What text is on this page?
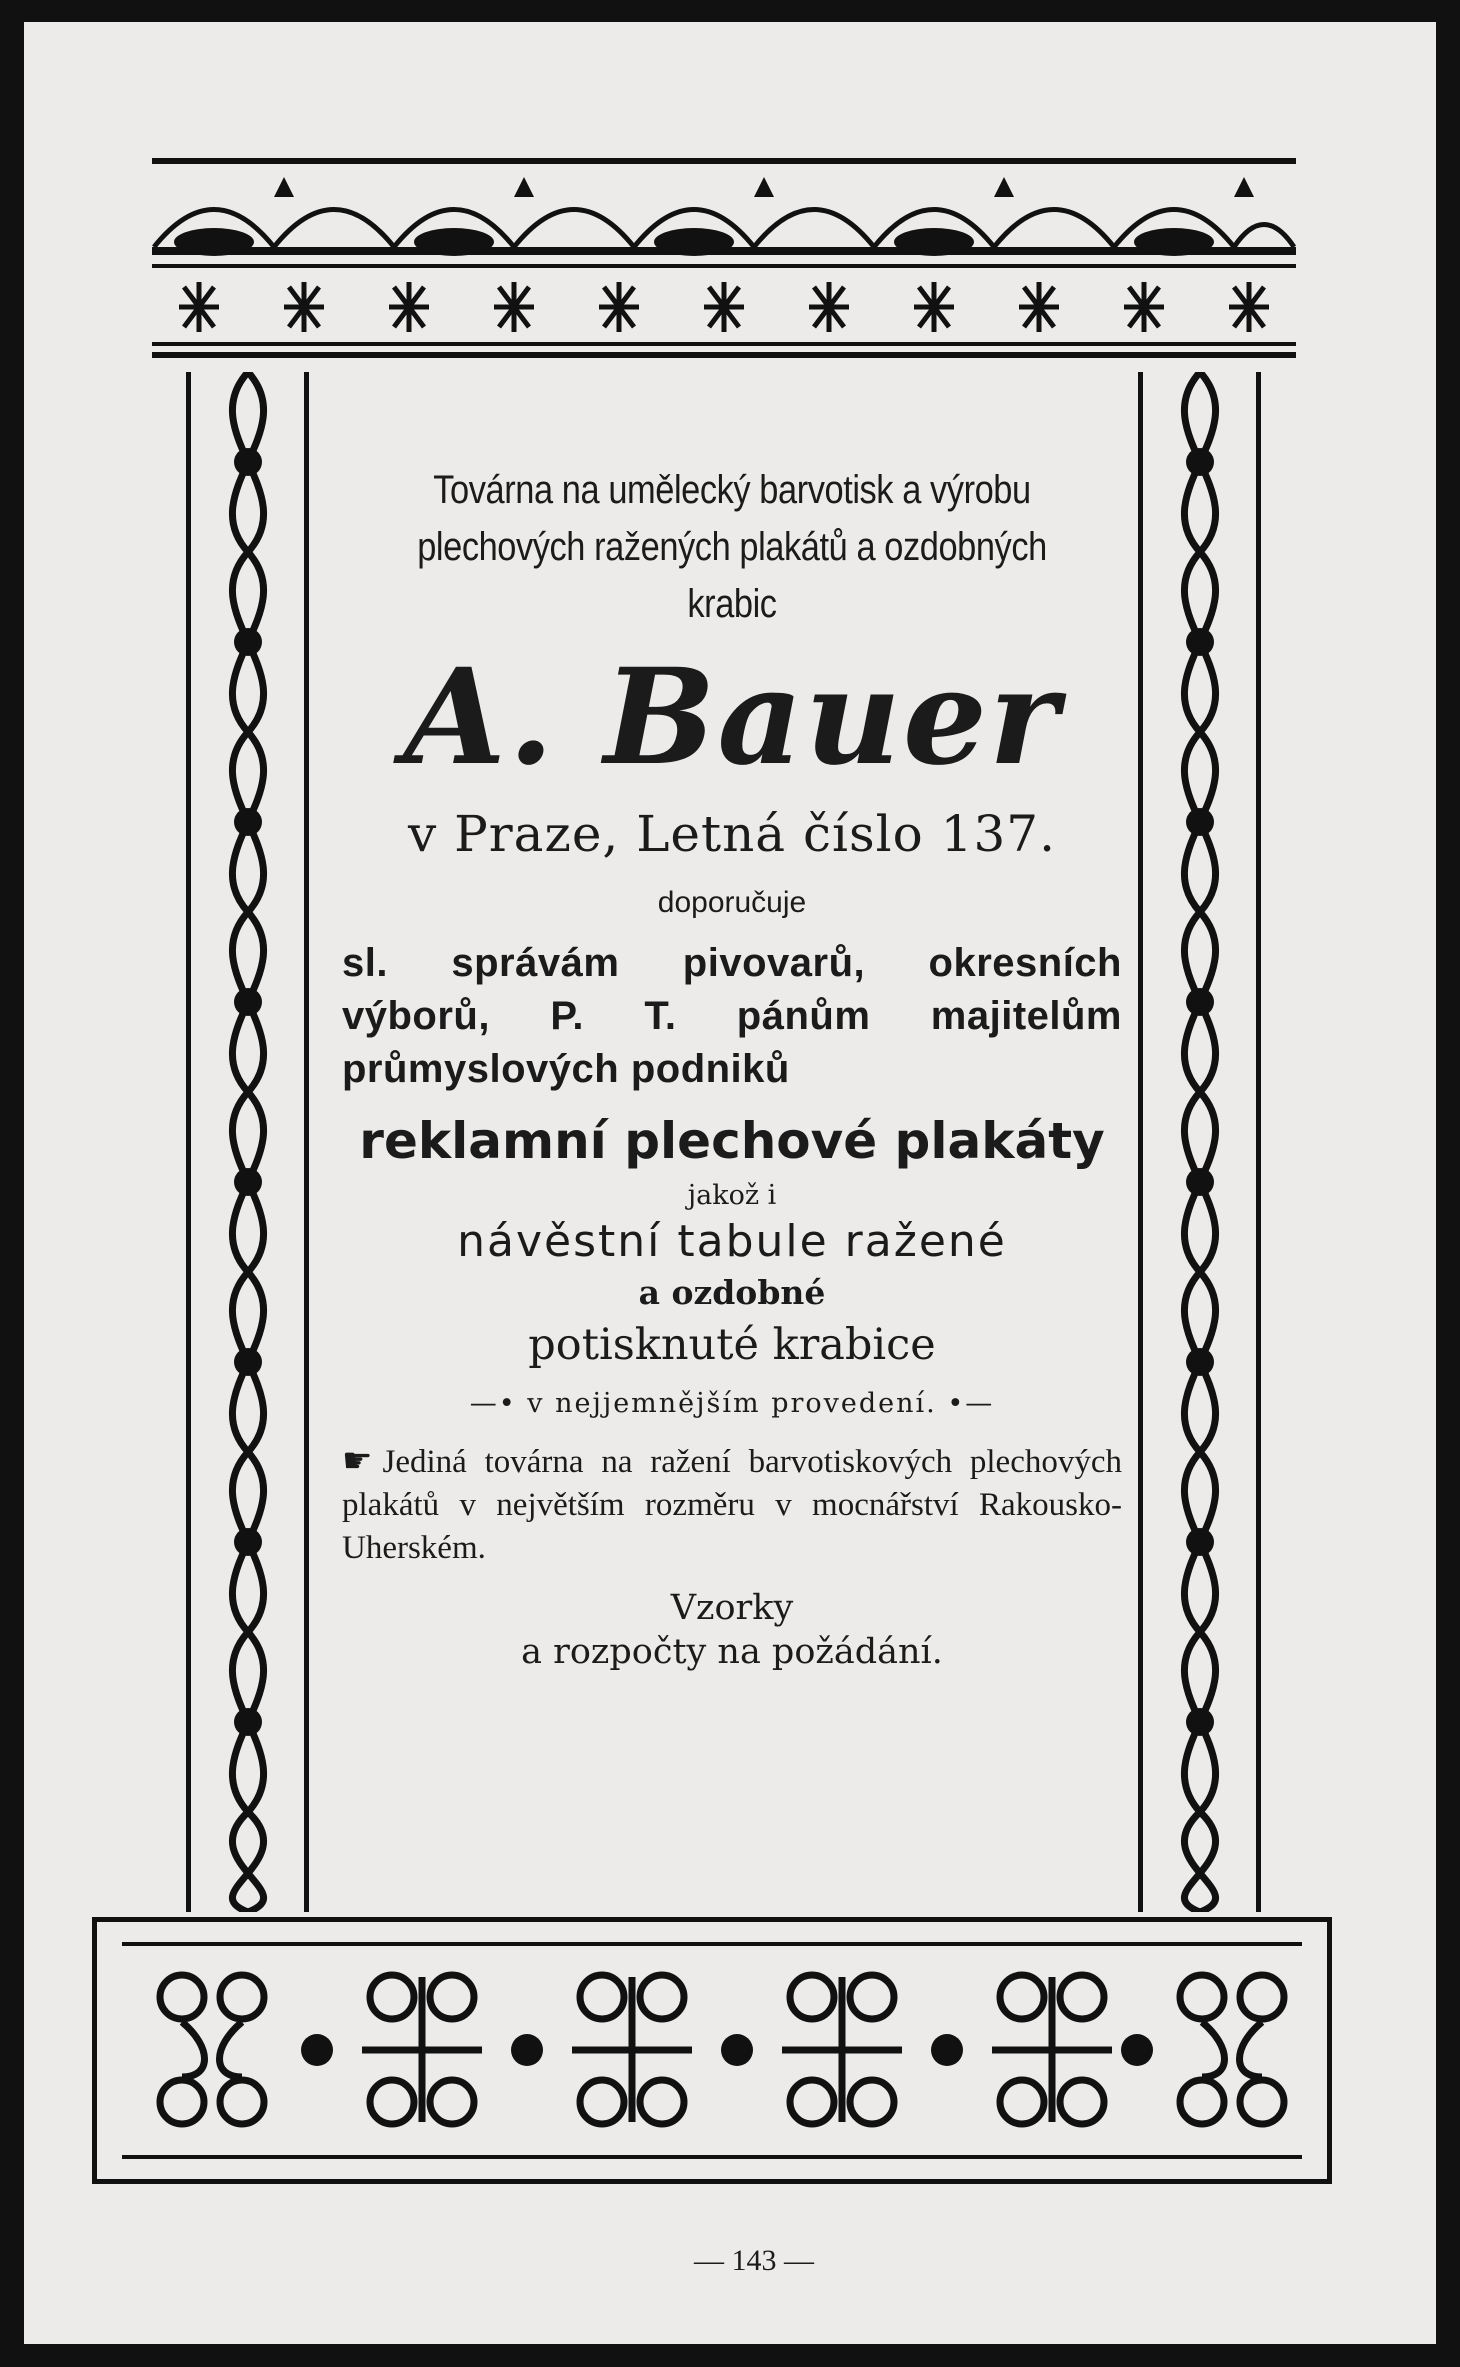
Továrna na umělecký barvotisk a výrobu plechových ražených plakátů a ozdobných krabic
A. Bauer
v Praze, Letná číslo 137.
doporučuje
sl. správám pivovarů, okresních výborů, P. T. pánům majitelům průmyslových podniků
reklamní plechové plakáty
jakož i
návěstní tabule ražené
a ozdobné
potisknuté krabice
—• v nejjemnějším provedení. •—
☛ Jediná továrna na ražení barvotiskových plechových plakátů v největším rozměru v mocnářství Rakousko-Uherském.
Vzorky
a rozpočty na požádání.
— 143 —
